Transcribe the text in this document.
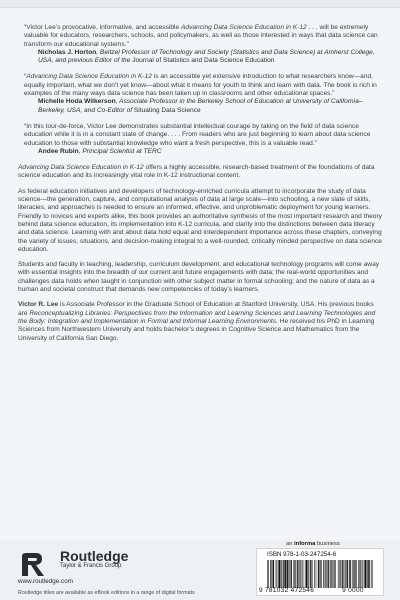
“Victor Lee’s provocative, informative, and accessible Advancing Data Science Education in K-12 . . . will be extremely valuable for educators, researchers, schools, and policymakers, as well as those interested in ways that data science can transform our educational systems.”

Nicholas J. Horton, Beitzel Professor of Technology and Society (Statistics and Data Science) at Amherst College, USA, and previous Editor of the Journal of Statistics and Data Science Education

“Advancing Data Science Education in K-12 is an accessible yet extensive introduction to what researchers know—and, equally important, what we don’t yet know—about what it means for youth to think and learn with data. The book is rich in examples of the many ways data science has been taken up in classrooms and other educational spaces.”

Michelle Hoda Wilkerson, Associate Professor in the Berkeley School of Education at University of California–Berkeley, USA, and Co-Editor of Situating Data Science

“In this tour-de-force, Victor Lee demonstrates substantial intellectual courage by taking on the field of data science education while it is in a constant state of change. . . . From readers who are just beginning to learn about data science education to those with substantial knowledge who want a fresh perspective, this is a valuable read.”

Andee Rubin, Principal Scientist at TERC

Advancing Data Science Education in K-12 offers a highly accessible, research-based treatment of the foundations of data science education and its increasingly vital role in K-12 instructional content.

As federal education initiatives and developers of technology-enriched curricula attempt to incorporate the study of data science—the generation, capture, and computational analysis of data at large scale—into schooling, a new slate of skills, literacies, and approaches is needed to ensure an informed, effective, and unproblematic deployment for young learners. Friendly to novices and experts alike, this book provides an authoritative synthesis of the most important research and theory behind data science education, its implementation into K-12 curricula, and clarity into the distinctions between data literacy and data science. Learning with and about data hold equal and interdependent importance across these chapters, conveying the variety of issues, situations, and decision-making integral to a well-rounded, critically minded perspective on data science education.

Students and faculty in teaching, leadership, curriculum development, and educational technology programs will come away with essential insights into the breadth of our current and future engagements with data; the real-world opportunities and challenges data holds when taught in conjunction with other subject matter in formal schooling; and the nature of data as a human and societal construct that demands new competencies of today’s learners.

Victor R. Lee is Associate Professor in the Graduate School of Education at Stanford University, USA. His previous books are Reconceptualizing Libraries: Perspectives from the Information and Learning Sciences and Learning Technologies and the Body: Integration and Implementation in Formal and Informal Learning Environments. He received his PhD in Learning Sciences from Northwestern University and holds bachelor’s degrees in Cognitive Science and Mathematics from the University of California San Diego.

Routledge
Taylor & Francis Group
www.routledge.com
Routledge titles are available as eBook editions in a range of digital formats
an informa business
ISBN 978-1-03-247254-6
9 781032 472546	9 0000
